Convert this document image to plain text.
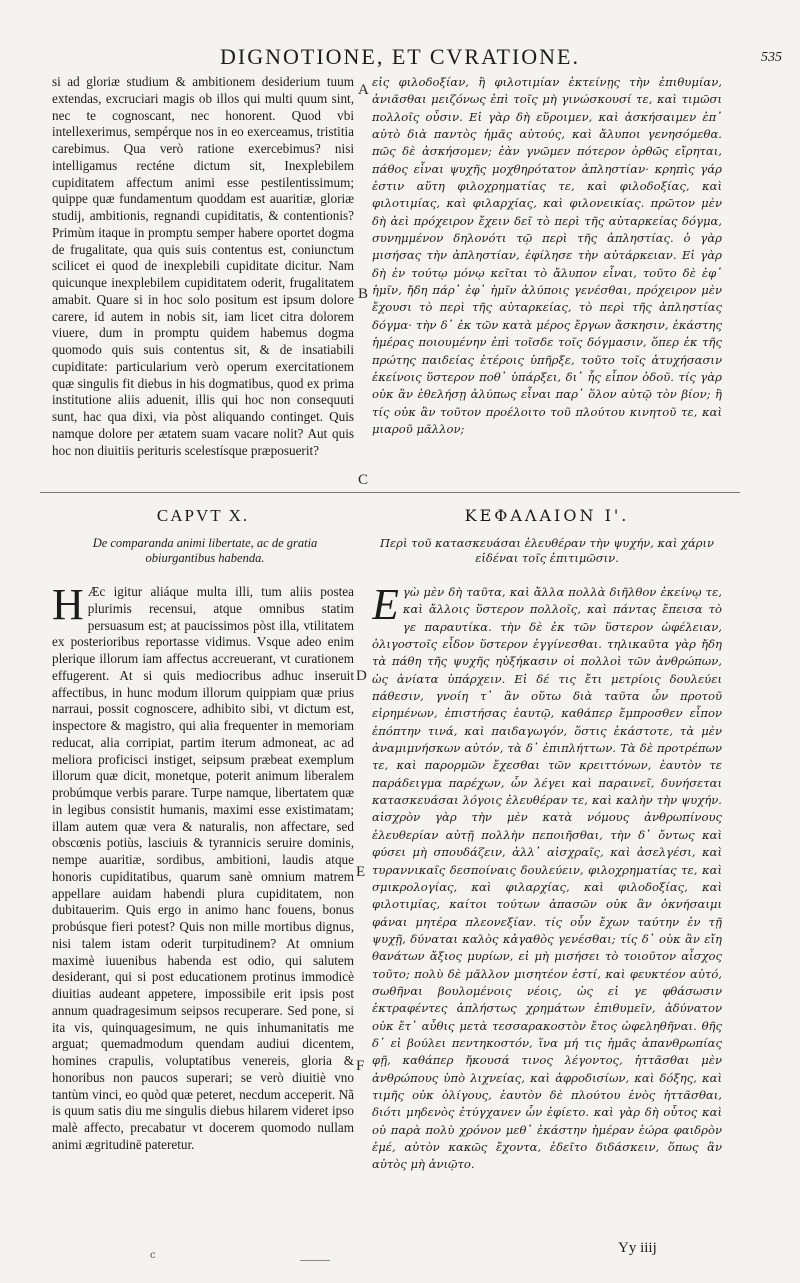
DIGNOTIONE, ET CVRATIONE.	535

si ad gloriæ studium & ambitionem desiderium tuum extendas, excruciari magis ob illos qui multi quum sint, nec te cognoscant, nec honorent. Quod vbi intellexerimus, sempérque nos in eo exerceamus, tristitia carebimus. Qua verò ratione exercebimus? nisi intelligamus recténe dictum sit, Inexplebilem cupiditatem affectum animi esse pestilentissimum; quippe quæ fundamentum quoddam est auaritiæ, gloriæ studij, ambitionis, regnandi cupiditatis, & contentionis? Primùm itaque in promptu semper habere oportet dogma de frugalitate, qua quis suis contentus est, coniunctum scilicet ei quod de inexplebili cupiditate dicitur. Nam quicunque inexplebilem cupiditatem oderit, frugalitatem amabit. Quare si in hoc solo positum est ipsum dolore carere, id autem in nobis sit, iam licet citra dolorem viuere, dum in promptu quidem habemus dogma quomodo quis suis contentus sit, & de insatiabili cupiditate: particularium verò operum exercitationem quæ singulis fit diebus in his dogmatibus, quod ex prima institutione aliis aduenit, illis qui hoc non consequuti sunt, hac qua dixi, via pòst aliquando continget. Quis namque dolore per ætatem suam vacare nolit? Aut quis hoc non diuitiis perituris scelestísque præposuerit?

εἰς φιλοδοξίαν, ἢ φιλοτιμίαν ἐκτείνῃς τὴν ἐπιθυμίαν, ἀνιᾶσθαι μειζόνως ἐπὶ τοῖς μὴ γινώσκουσί τε, καὶ τιμῶσι πολλοῖς οὖσιν. Εἰ γὰρ δὴ εὕροιμεν, καὶ ἀσκήσαιμεν ἐπ᾽ αὐτὸ διὰ παντὸς ἡμᾶς αὐτούς, καὶ ἄλυποι γενησόμεθα. πῶς δὲ ἀσκήσομεν; ἐὰν γνῶμεν πότερον ὀρθῶς εἴρηται, πάθος εἶναι ψυχῆς μοχθηρότατον ἀπληστίαν· κρηπὶς γάρ ἐστιν αὕτη φιλοχρηματίας τε, καὶ φιλοδοξίας, καὶ φιλοτιμίας, καὶ φιλαρχίας, καὶ φιλονεικίας. πρῶτον μὲν δὴ ἀεὶ πρόχειρον ἔχειν δεῖ τὸ περὶ τῆς αὐταρκείας δόγμα, συνημμένον δηλονότι τῷ περὶ τῆς ἀπληστίας. ὁ γὰρ μισήσας τὴν ἀπληστίαν, ἐφίλησε τὴν αὐτάρκειαν. Εἰ γὰρ δὴ ἐν τούτῳ μόνῳ κεῖται τὸ ἄλυπον εἶναι, τοῦτο δὲ ἐφ᾽ ἡμῖν, ἤδη πάρ᾽ ἐφ᾽ ἡμῖν ἀλύποις γενέσθαι, πρόχειρον μὲν ἔχουσι τὸ περὶ τῆς αὐταρκείας, τὸ περὶ τῆς ἀπληστίας δόγμα· τὴν δ᾽ ἐκ τῶν κατὰ μέρος ἔργων ἄσκησιν, ἑκάστης ἡμέρας ποιουμένην ἐπὶ τοῖσδε τοῖς δόγμασιν, ὅπερ ἐκ τῆς πρώτης παιδείας ἑτέροις ὑπῆρξε, τοῦτο τοῖς ἀτυχήσασιν ἐκείνοις ὕστερον ποθ᾽ ὑπάρξει, δι᾽ ἧς εἶπον ὁδοῦ. τίς γὰρ οὐκ ἂν ἐθελήσῃ ἀλύπως εἶναι παρ᾽ ὅλον αὐτῷ τὸν βίον; ἢ τίς οὐκ ἂν τοῦτον προέλοιτο τοῦ πλούτου κινητοῦ τε, καὶ μιαροῦ μᾶλλον;

A
B
C
CAPVT X.	ΚΕΦΑΛΑΙΟΝ Ι'.
De comparanda animi libertate, ac de gratia obiurgantibus habenda.
Περὶ τοῦ κατασκευάσαι ἐλευθέραν τὴν ψυχήν, καὶ χάριν εἰδέναι τοῖς ἐπιτιμῶσιν.

H Æc igitur aliáque multa illi, tum aliis postea plurimis recensui, atque omnibus statim persuasum est; at paucissimos pòst illa, vtilitatem ex posterioribus reportasse vidimus. Vsque adeo enim plerique illorum iam affectus accreuerant, vt curationem effugerent. At si quis mediocribus adhuc inseruit affectibus, in hunc modum illorum quippiam quæ prius narraui, possit cognoscere, adhibito sibi, vt dictum est, inspectore & magistro, qui alia frequenter in memoriam reducat, alia corripiat, partim iterum admoneat, ac ad meliora proficisci instiget, seipsum præbeat exemplum illorum quæ dicit, monetque, poterit animum liberalem probúmque verbis parare. Turpe namque, libertatem quæ in legibus consistit humanis, maximi esse existimatam; illam autem quæ vera & naturalis, non affectare, sed obscœnis potiùs, lasciuis & tyrannicis seruire dominis, nempe auaritiæ, sordibus, ambitioni, laudis atque honoris cupiditatibus, quarum sanè omnium matrem appellare auidam habendi plura cupiditatem, non dubitauerim. Quis ergo in animo hanc fouens, bonus probúsque fieri potest? Quis non mille mortibus dignus, nisi talem istam oderit turpitudinem? At omnium maximè iuuenibus habenda est odio, qui salutem desiderant, qui si post educationem protinus immodicè diuitias audeant appetere, impossibile erit ipsis post annum quadragesimum seipsos recuperare. Sed pone, si ita vis, quinquagesimum, ne quis inhumanitatis me arguat; quemadmodum quendam audiui dicentem, homines crapulis, voluptatibus venereis, gloria & honoribus non paucos superari; se verò diuitiè vno tantùm vinci, eo quòd quæ peteret, necdum acceperit. Nã is quum satis diu me singulis diebus hilarem videret ipso malè affecto, precabatur vt docerem quomodo nullam animi ægritudinē pateretur.

Εγὼ μὲν δὴ ταῦτα, καὶ ἄλλα πολλὰ διῆλθον ἐκείνῳ τε, καὶ ἄλλοις ὕστερον πολλοῖς, καὶ πάντας ἔπεισα τὸ γε παραυτίκα. τὴν δὲ ἐκ τῶν ὕστερον ὠφέλειαν, ὀλιγοστοῖς εἶδον ὕστερον ἐγγίνεσθαι. τηλικαῦτα γὰρ ἤδη τὰ πάθη τῆς ψυχῆς ηὐξήκασιν οἱ πολλοὶ τῶν ἀνθρώπων, ὡς ἀνίατα ὑπάρχειν. Εἰ δέ τις ἔτι μετρίοις δουλεύει πάθεσιν, γνοίη τ᾽ ἂν οὕτω διὰ ταῦτα ὧν προτοῦ εἰρημένων, ἐπιστήσας ἑαυτῷ, καθάπερ ἔμπροσθεν εἶπον ἐπόπτην τινά, καὶ παιδαγωγόν, ὅστις ἑκάστοτε, τὰ μὲν ἀναμιμνήσκων αὐτόν, τὰ δ᾽ ἐπιπλήττων. Τὰ δὲ προτρέπων τε, καὶ παρορμῶν ἔχεσθαι τῶν κρειττόνων, ἑαυτὸν τε παράδειγμα παρέχων, ὧν λέγει καὶ παραινεῖ, δυνήσεται κατασκευάσαι λόγοις ἐλευθέραν τε, καὶ καλὴν τὴν ψυχήν. αἰσχρὸν γὰρ τὴν μὲν κατὰ νόμους ἀνθρωπίνους ἐλευθερίαν αὐτῇ πολλὴν πεποιῆσθαι, τὴν δ᾽ ὄντως καὶ φύσει μὴ σπουδάζειν, ἀλλ᾽ αἰσχραῖς, καὶ ἀσελγέσι, καὶ τυραννικαῖς δεσποίναις δουλεύειν, φιλοχρηματίας τε, καὶ σμικρολογίας, καὶ φιλαρχίας, καὶ φιλοδοξίας, καὶ φιλοτιμίας, καίτοι τούτων ἁπασῶν οὐκ ἂν ὀκνήσαιμι φάναι μητέρα πλεονεξίαν. τίς οὖν ἔχων ταύτην ἐν τῇ ψυχῇ, δύναται καλὸς κἀγαθὸς γενέσθαι; τίς δ᾽ οὐκ ἂν εἴη θανάτων ἄξιος μυρίων, εἰ μὴ μισήσει τὸ τοιοῦτον αἶσχος τοῦτο; πολὺ δὲ μᾶλλον μισητέον ἐστί, καὶ φευκτέον αὐτό, σωθῆναι βουλομένοις νέοις, ὡς εἰ γε φθάσωσιν ἐκτραφέντες ἀπλήστως χρημάτων ἐπιθυμεῖν, ἀδύνατον οὐκ ἔτ᾽ αὖθις μετὰ τεσσαρακοστὸν ἔτος ὠφεληθῆναι. θῆς δ᾽ εἰ βούλει πεντηκοστόν, ἵνα μή τις ἡμᾶς ἀπανθρωπίας φῇ, καθάπερ ἤκουσά τινος λέγοντος, ἡττᾶσθαι μὲν ἀνθρώπους ὑπὸ λιχνείας, καὶ ἀφροδισίων, καὶ δόξης, καὶ τιμῆς οὐκ ὀλίγους, ἑαυτὸν δὲ πλούτου ἑνὸς ἡττᾶσθαι, διότι μηδενὸς ἐτύγχανεν ὧν ἐφίετο. καὶ γὰρ δὴ οὗτος καὶ οὐ παρὰ πολὺ χρόνον μεθ᾽ ἑκάστην ἡμέραν ἑώρα φαιδρὸν ἐμέ, αὐτὸν κακῶς ἔχοντα, ἐδεῖτο διδάσκειν, ὅπως ἂν αὐτὸς μὴ ἀνιῷτο.

D
E
F
c	Yy iiij
